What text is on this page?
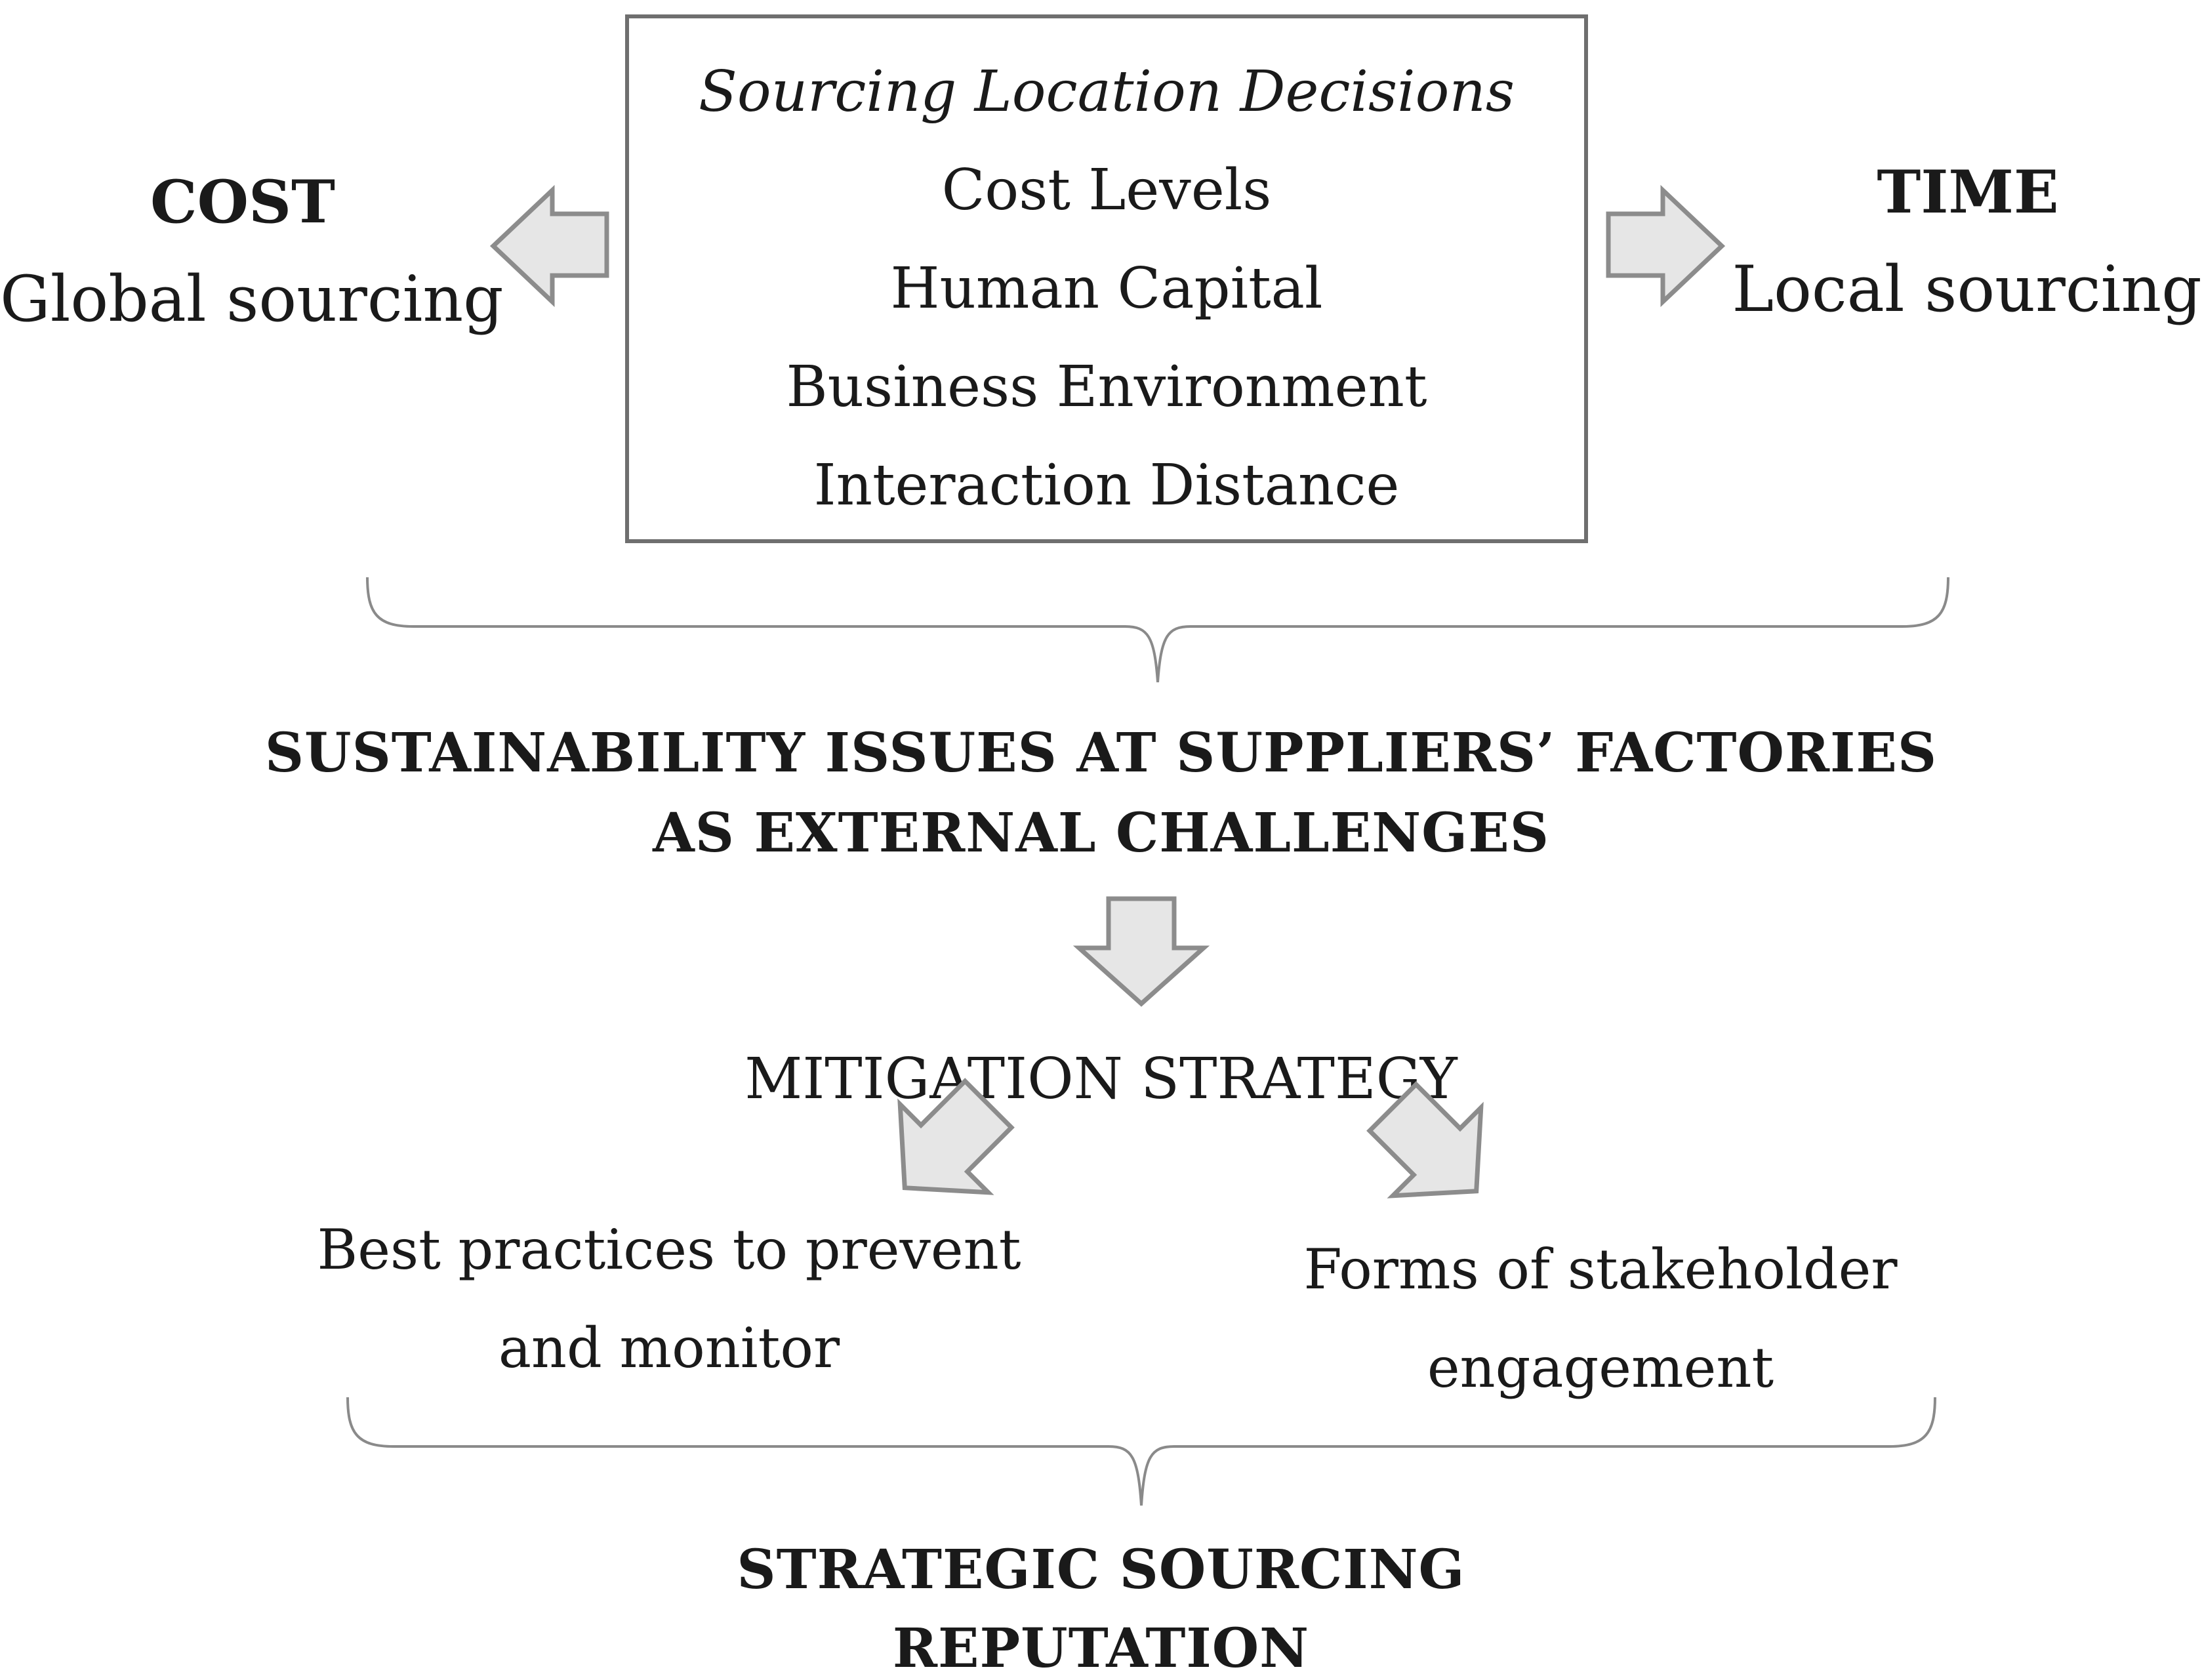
Sourcing Location Decisions
Cost Levels
Human Capital
Business Environment
Interaction Distance
COST
Global sourcing
TIME
Local sourcing
SUSTAINABILITY ISSUES AT SUPPLIERS’ FACTORIES
AS EXTERNAL CHALLENGES
MITIGATION STRATEGY
Best practices to prevent
and monitor
Forms of stakeholder
engagement
STRATEGIC SOURCING
REPUTATION
